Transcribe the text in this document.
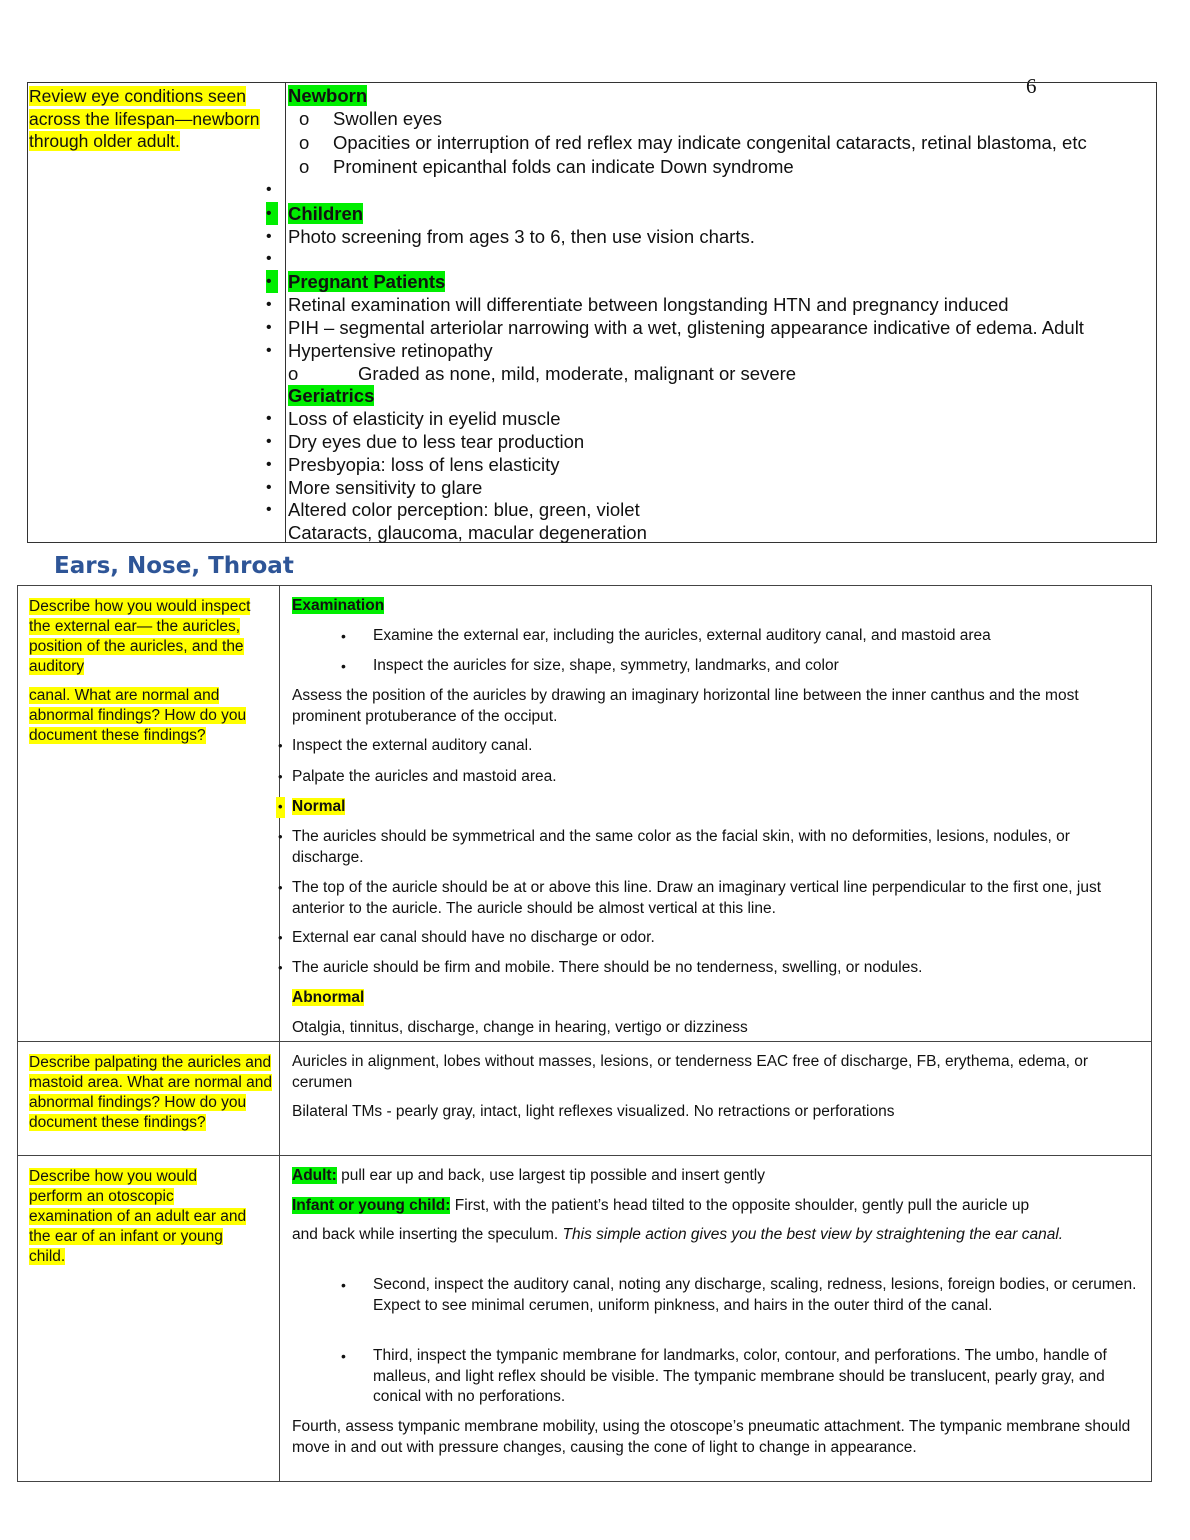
6
Review eye conditions seen across the lifespan—newborn through older adult.
Newborn
o Swollen eyes
o Opacities or interruption of red reflex may indicate congenital cataracts, retinal blastoma, etc
o Prominent epicanthal folds can indicate Down syndrome
•
• Children
• Photo screening from ages 3 to 6, then use vision charts.
•
• Pregnant Patients
• Retinal examination will differentiate between longstanding HTN and pregnancy induced
• PIH – segmental arteriolar narrowing with a wet, glistening appearance indicative of edema. Adult
• Hypertensive retinopathy
o	Graded as none, mild, moderate, malignant or severe
Geriatrics
• Loss of elasticity in eyelid muscle
• Dry eyes due to less tear production
• Presbyopia: loss of lens elasticity
• More sensitivity to glare
• Altered color perception: blue, green, violet
Cataracts, glaucoma, macular degeneration
Ears, Nose, Throat
Describe how you would inspect the external ear— the auricles, position of the auricles, and the auditory
canal. What are normal and abnormal findings? How do you document these findings?
Examination
• Examine the external ear, including the auricles, external auditory canal, and mastoid area
• Inspect the auricles for size, shape, symmetry, landmarks, and color
Assess the position of the auricles by drawing an imaginary horizontal line between the inner canthus and the most prominent protuberance of the occiput.
• Inspect the external auditory canal.
• Palpate the auricles and mastoid area.
• Normal
• The auricles should be symmetrical and the same color as the facial skin, with no deformities, lesions, nodules, or discharge.
• The top of the auricle should be at or above this line. Draw an imaginary vertical line perpendicular to the first one, just anterior to the auricle. The auricle should be almost vertical at this line.
• External ear canal should have no discharge or odor.
• The auricle should be firm and mobile. There should be no tenderness, swelling, or nodules.
Abnormal
Otalgia, tinnitus, discharge, change in hearing, vertigo or dizziness
Describe palpating the auricles and mastoid area. What are normal and abnormal findings? How do you document these findings?
Auricles in alignment, lobes without masses, lesions, or tenderness EAC free of discharge, FB, erythema, edema, or cerumen
Bilateral TMs - pearly gray, intact, light reflexes visualized. No retractions or perforations
Describe how you would perform an otoscopic examination of an adult ear and the ear of an infant or young child.
Adult: pull ear up and back, use largest tip possible and insert gently
Infant or young child: First, with the patient’s head tilted to the opposite shoulder, gently pull the auricle up
and back while inserting the speculum. This simple action gives you the best view by straightening the ear canal.
• Second, inspect the auditory canal, noting any discharge, scaling, redness, lesions, foreign bodies, or cerumen. Expect to see minimal cerumen, uniform pinkness, and hairs in the outer third of the canal.
• Third, inspect the tympanic membrane for landmarks, color, contour, and perforations. The umbo, handle of malleus, and light reflex should be visible. The tympanic membrane should be translucent, pearly gray, and conical with no perforations.
Fourth, assess tympanic membrane mobility, using the otoscope’s pneumatic attachment. The tympanic membrane should move in and out with pressure changes, causing the cone of light to change in appearance.
